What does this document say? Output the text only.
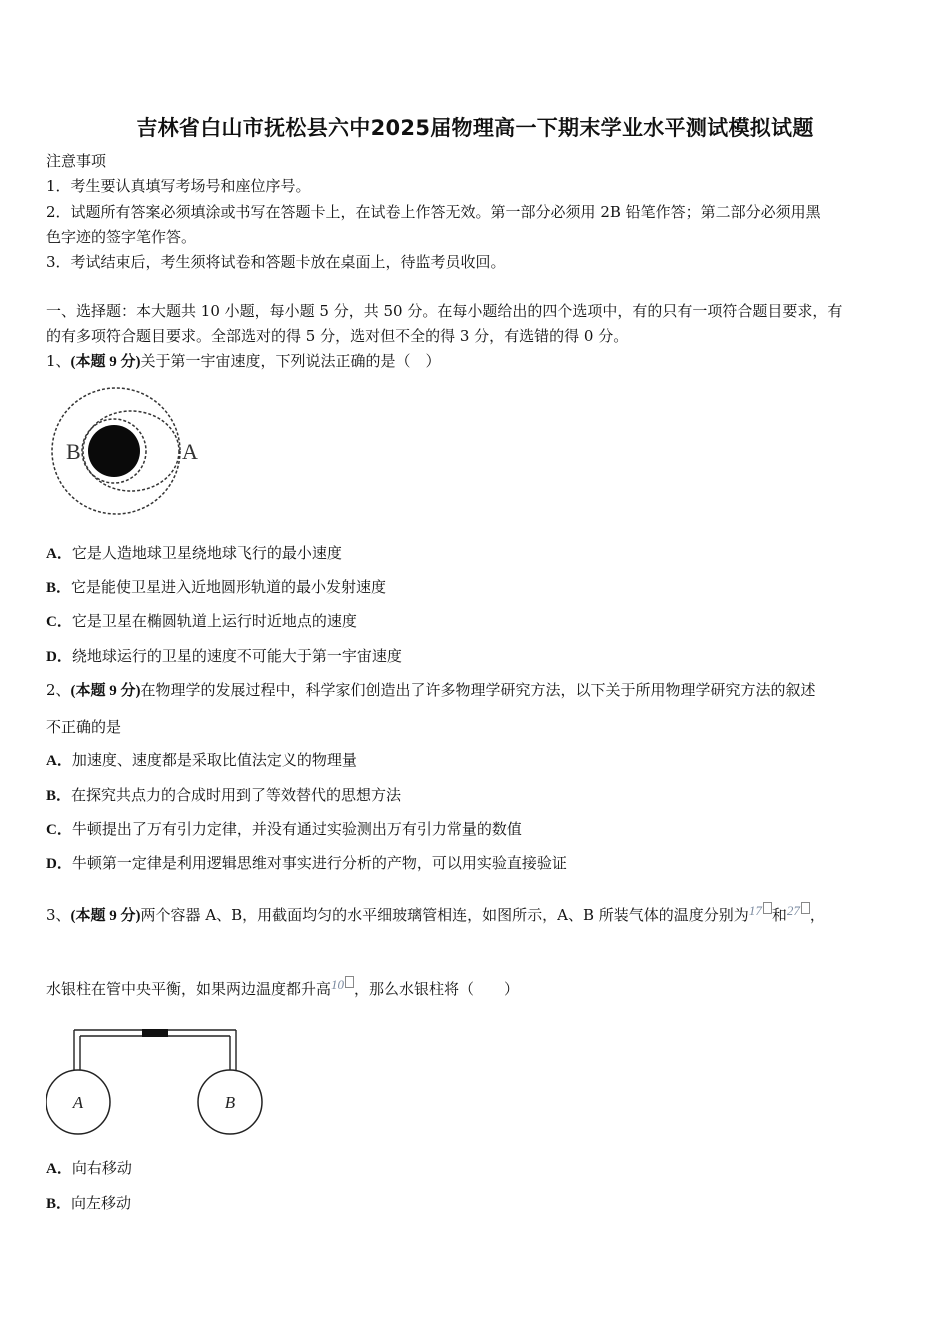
吉林省白山市抚松县六中2025届物理高一下期末学业水平测试模拟试题
注意事项
1．考生要认真填写考场号和座位序号。
2．试题所有答案必须填涂或书写在答题卡上，在试卷上作答无效。第一部分必须用 2B 铅笔作答；第二部分必须用黑
色字迹的签字笔作答。
3．考试结束后，考生须将试卷和答题卡放在桌面上，待监考员收回。
一、选择题：本大题共 10 小题，每小题 5 分，共 50 分。在每小题给出的四个选项中，有的只有一项符合题目要求，有
的有多项符合题目要求。全部选对的得 5 分，选对但不全的得 3 分，有选错的得 0 分。
1、(本题 9 分)关于第一宇宙速度，下列说法正确的是（　）
B	A
A．它是人造地球卫星绕地球飞行的最小速度
B．它是能使卫星进入近地圆形轨道的最小发射速度
C．它是卫星在椭圆轨道上运行时近地点的速度
D．绕地球运行的卫星的速度不可能大于第一宇宙速度
2、(本题 9 分)在物理学的发展过程中，科学家们创造出了许多物理学研究方法，以下关于所用物理学研究方法的叙述
不正确的是
A．加速度、速度都是采取比值法定义的物理量
B．在探究共点力的合成时用到了等效替代的思想方法
C．牛顿提出了万有引力定律，并没有通过实验测出万有引力常量的数值
D．牛顿第一定律是利用逻辑思维对事实进行分析的产物，可以用实验直接验证
3、(本题 9 分)两个容器 A、B，用截面均匀的水平细玻璃管相连，如图所示，A、B 所装气体的温度分别为17 和27 ，
水银柱在管中央平衡，如果两边温度都升高10 ，那么水银柱将（　　）
A	B
A．向右移动
B．向左移动
